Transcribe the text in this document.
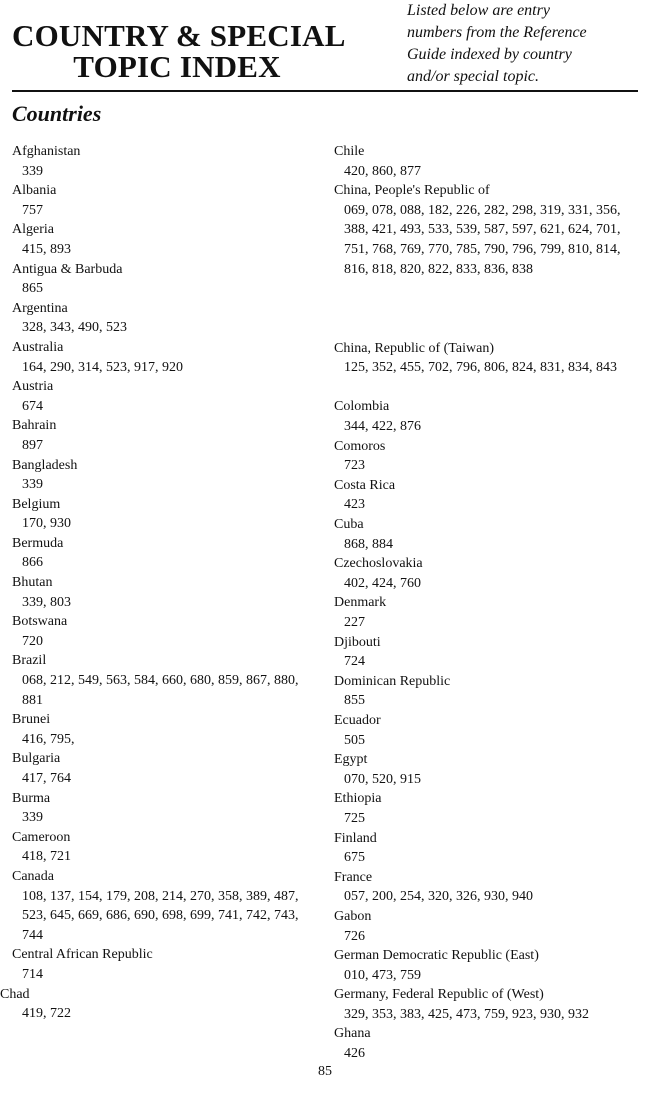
COUNTRY & SPECIAL
TOPIC INDEX
Listed below are entry
numbers from the Reference
Guide indexed by country
and/or special topic.
Countries
Afghanistan
339
Albania
757
Algeria
415, 893
Antigua & Barbuda
865
Argentina
328, 343, 490, 523
Australia
164, 290, 314, 523, 917, 920
Austria
674
Bahrain
897
Bangladesh
339
Belgium
170, 930
Bermuda
866
Bhutan
339, 803
Botswana
720
Brazil
068, 212, 549, 563, 584, 660, 680, 859, 867, 880, 881
Brunei
416, 795,
Bulgaria
417, 764
Burma
339
Cameroon
418, 721
Canada
108, 137, 154, 179, 208, 214, 270, 358, 389, 487, 523, 645, 669, 686, 690, 698, 699, 741, 742, 743, 744
Central African Republic
714
Chad
419, 722
Chile
420, 860, 877
China, People's Republic of
069, 078, 088, 182, 226, 282, 298, 319, 331, 356, 388, 421, 493, 533, 539, 587, 597, 621, 624, 701, 751, 768, 769, 770, 785, 790, 796, 799, 810, 814, 816, 818, 820, 822, 833, 836, 838
China, Republic of (Taiwan)
125, 352, 455, 702, 796, 806, 824, 831, 834, 843
Colombia
344, 422, 876
Comoros
723
Costa Rica
423
Cuba
868, 884
Czechoslovakia
402, 424, 760
Denmark
227
Djibouti
724
Dominican Republic
855
Ecuador
505
Egypt
070, 520, 915
Ethiopia
725
Finland
675
France
057, 200, 254, 320, 326, 930, 940
Gabon
726
German Democratic Republic (East)
010, 473, 759
Germany, Federal Republic of (West)
329, 353, 383, 425, 473, 759, 923, 930, 932
Ghana
426
85
